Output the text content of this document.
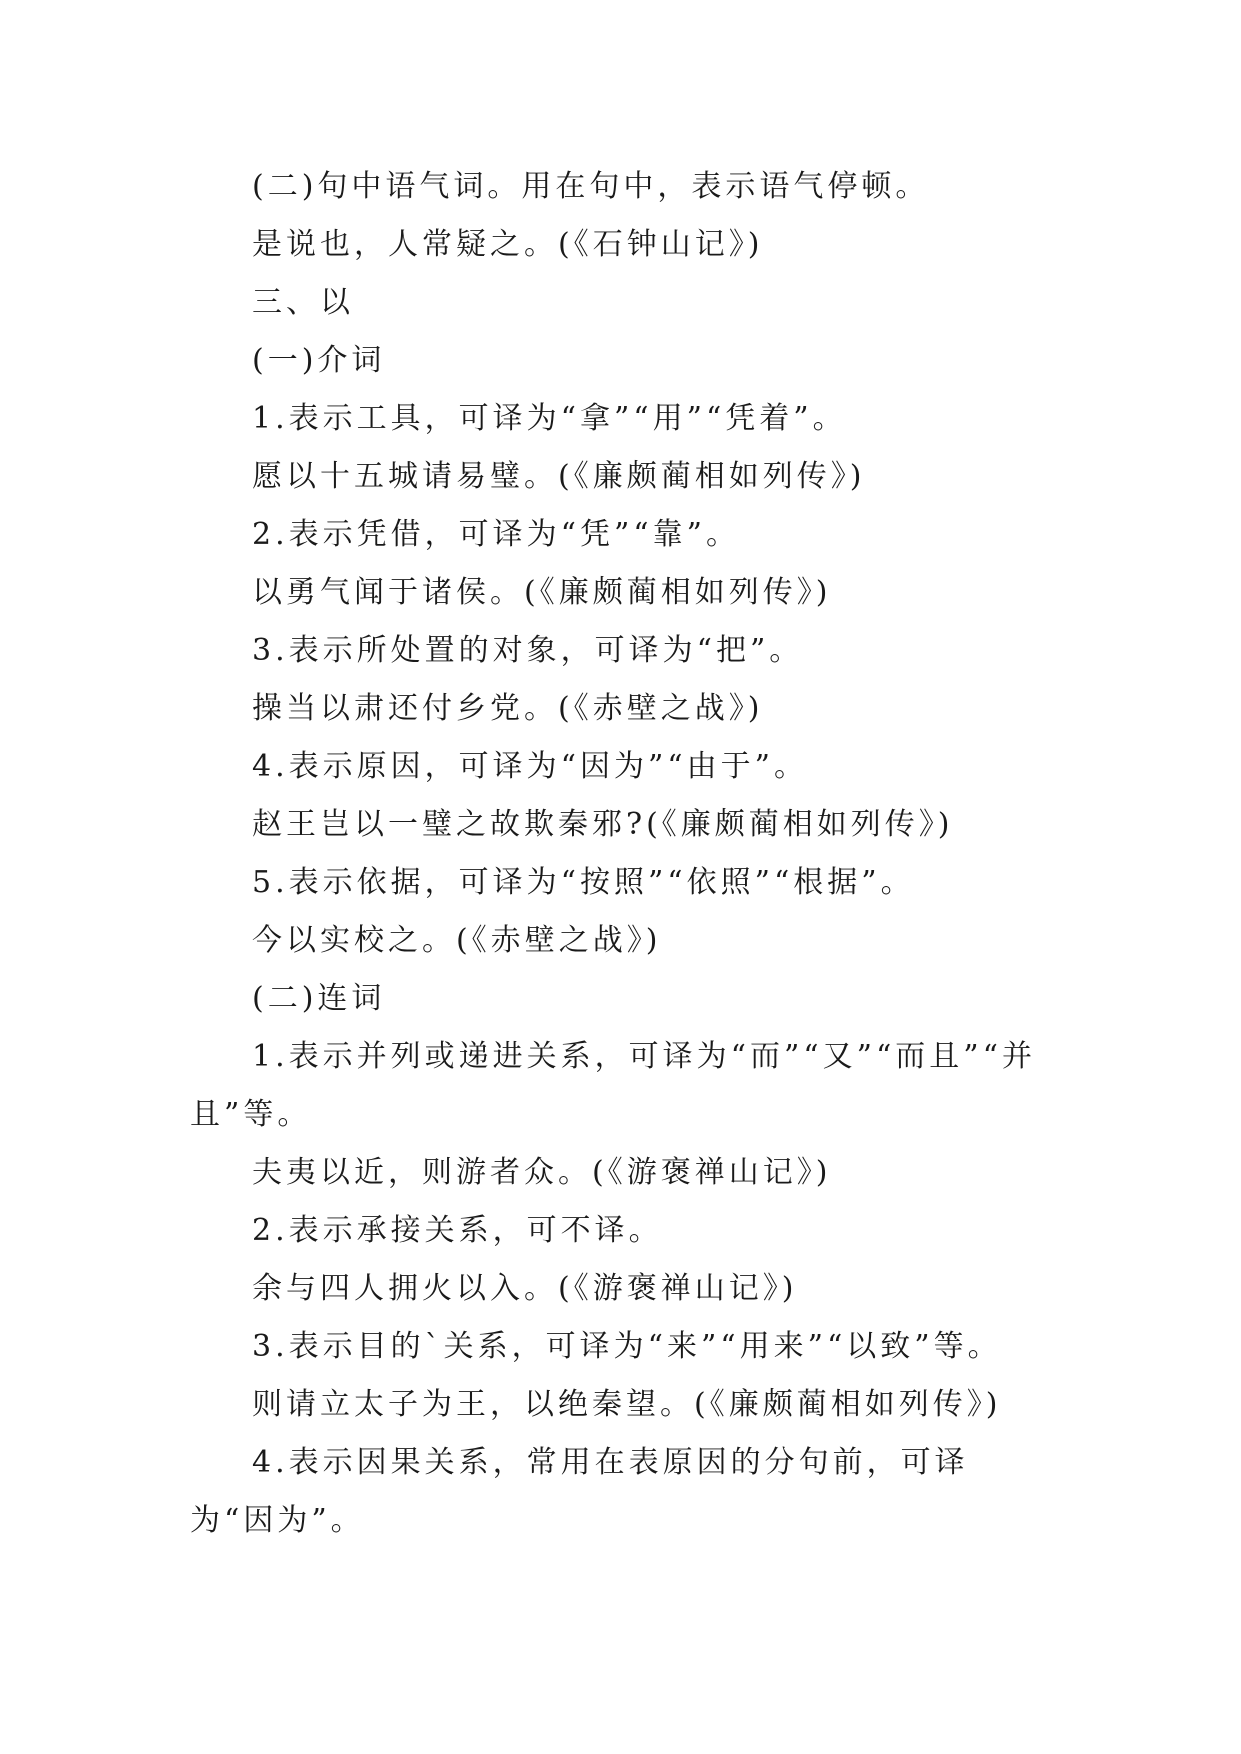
(二)句中语气词。用在句中，表示语气停顿。

是说也，人常疑之。(《石钟山记》)

三、以

(一)介词

1.表示工具，可译为“拿”“用”“凭着”。

愿以十五城请易璧。(《廉颇蔺相如列传》)

2.表示凭借，可译为“凭”“靠”。

以勇气闻于诸侯。(《廉颇蔺相如列传》)

3.表示所处置的对象，可译为“把”。

操当以肃还付乡党。(《赤壁之战》)

4.表示原因，可译为“因为”“由于”。

赵王岂以一璧之故欺秦邪?(《廉颇蔺相如列传》)

5.表示依据，可译为“按照”“依照”“根据”。

今以实校之。(《赤壁之战》)

(二)连词

1.表示并列或递进关系，可译为“而”“又”“而且”“并且”等。

夫夷以近，则游者众。(《游褒禅山记》)

2.表示承接关系，可不译。

余与四人拥火以入。(《游褒禅山记》)

3.表示目的`关系，可译为“来”“用来”“以致”等。

则请立太子为王，以绝秦望。(《廉颇蔺相如列传》)

4.表示因果关系，常用在表原因的分句前，可译为“因为”。
